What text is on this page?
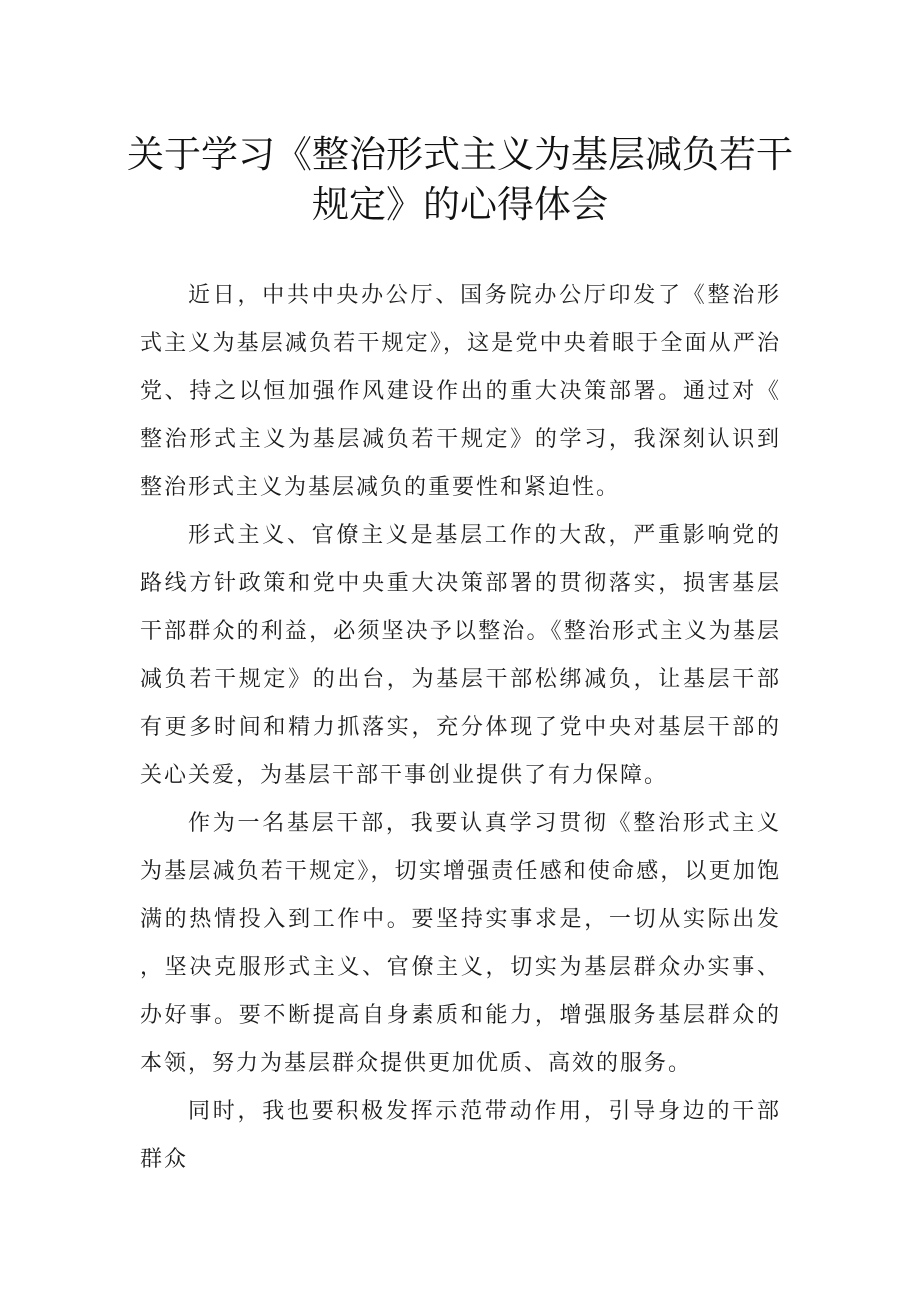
关于学习《整治形式主义为基层减负若干
规定》的心得体会

近日，中共中央办公厅、国务院办公厅印发了《整治形式主义为基层减负若干规定》，这是党中央着眼于全面从严治党、持之以恒加强作风建设作出的重大决策部署。通过对《整治形式主义为基层减负若干规定》的学习，我深刻认识到整治形式主义为基层减负的重要性和紧迫性。

形式主义、官僚主义是基层工作的大敌，严重影响党的路线方针政策和党中央重大决策部署的贯彻落实，损害基层干部群众的利益，必须坚决予以整治。《整治形式主义为基层减负若干规定》的出台，为基层干部松绑减负，让基层干部有更多时间和精力抓落实，充分体现了党中央对基层干部的关心关爱，为基层干部干事创业提供了有力保障。

作为一名基层干部，我要认真学习贯彻《整治形式主义为基层减负若干规定》，切实增强责任感和使命感，以更加饱满的热情投入到工作中。要坚持实事求是，一切从实际出发，坚决克服形式主义、官僚主义，切实为基层群众办实事、办好事。要不断提高自身素质和能力，增强服务基层群众的本领，努力为基层群众提供更加优质、高效的服务。

同时，我也要积极发挥示范带动作用，引导身边的干部群众
